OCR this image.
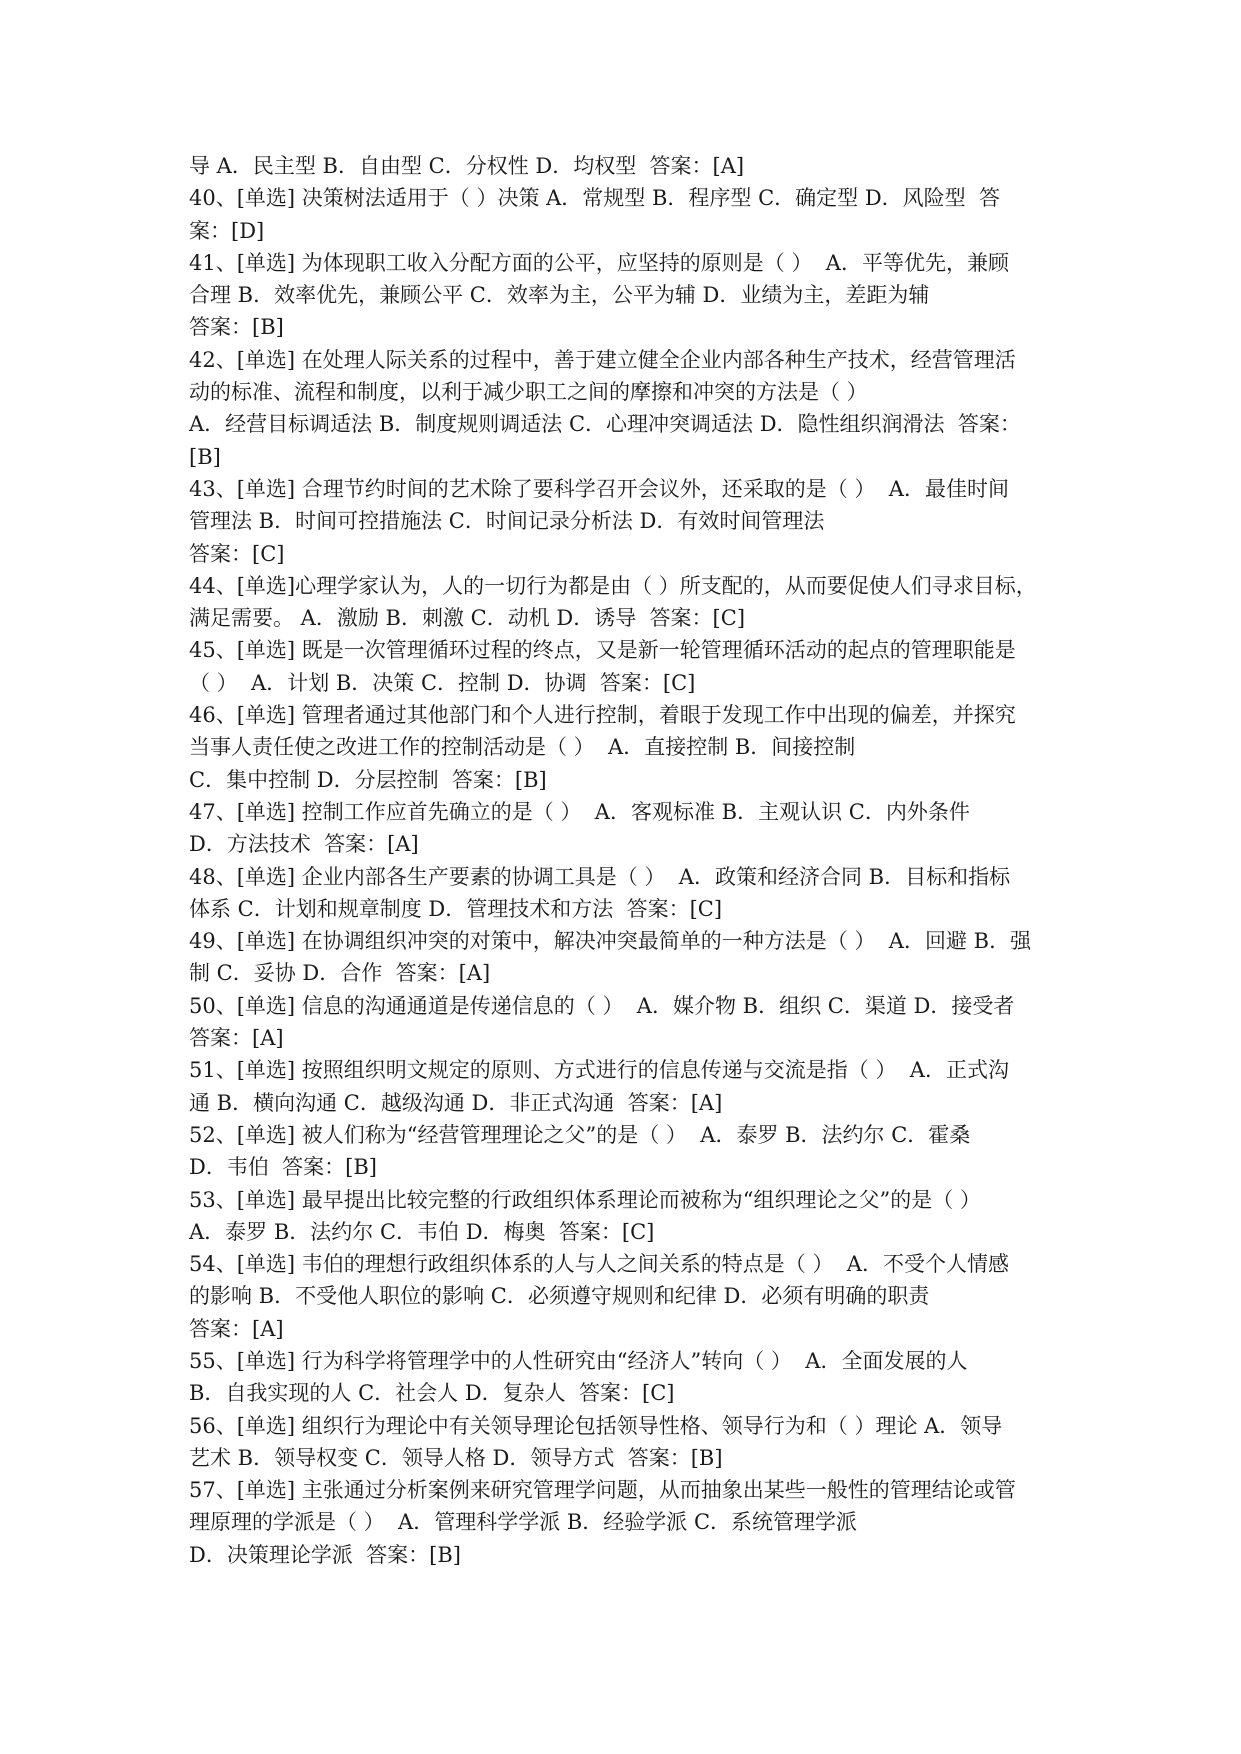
导 A．民主型 B．自由型 C．分权性 D．均权型  答案：[A]
40、[单选] 决策树法适用于（ ）决策 A．常规型 B．程序型 C．确定型 D．风险型  答
案：[D]
41、[单选] 为体现职工收入分配方面的公平，应坚持的原则是（ ）  A．平等优先，兼顾
合理 B．效率优先，兼顾公平 C．效率为主，公平为辅 D．业绩为主，差距为辅
答案：[B]
42、[单选] 在处理人际关系的过程中，善于建立健全企业内部各种生产技术，经营管理活
动的标准、流程和制度，以利于减少职工之间的摩擦和冲突的方法是（ ）
A．经营目标调适法 B．制度规则调适法 C．心理冲突调适法 D．隐性组织润滑法  答案：
[B]
43、[单选] 合理节约时间的艺术除了要科学召开会议外，还采取的是（ ）  A．最佳时间
管理法 B．时间可控措施法 C．时间记录分析法 D．有效时间管理法
答案：[C]
44、[单选]心理学家认为，人的一切行为都是由（ ）所支配的，从而要促使人们寻求目标，
满足需要。 A．激励 B．刺激 C．动机 D．诱导  答案：[C]
45、[单选] 既是一次管理循环过程的终点，又是新一轮管理循环活动的起点的管理职能是
（ ）  A．计划 B．决策 C．控制 D．协调  答案：[C]
46、[单选] 管理者通过其他部门和个人进行控制，着眼于发现工作中出现的偏差，并探究
当事人责任使之改进工作的控制活动是（ ）  A．直接控制 B．间接控制
C．集中控制 D．分层控制  答案：[B]
47、[单选] 控制工作应首先确立的是（ ）  A．客观标准 B．主观认识 C．内外条件
D．方法技术  答案：[A]
48、[单选] 企业内部各生产要素的协调工具是（ ）  A．政策和经济合同 B．目标和指标
体系 C．计划和规章制度 D．管理技术和方法  答案：[C]
49、[单选] 在协调组织冲突的对策中，解决冲突最简单的一种方法是（ ）  A．回避 B．强
制 C．妥协 D．合作  答案：[A]
50、[单选] 信息的沟通通道是传递信息的（ ）  A．媒介物 B．组织 C．渠道 D．接受者
答案：[A]
51、[单选] 按照组织明文规定的原则、方式进行的信息传递与交流是指（ ）  A．正式沟
通 B．横向沟通 C．越级沟通 D．非正式沟通  答案：[A]
52、[单选] 被人们称为“经营管理理论之父”的是（ ）  A．泰罗 B．法约尔 C．霍桑
D．韦伯  答案：[B]
53、[单选] 最早提出比较完整的行政组织体系理论而被称为“组织理论之父”的是（ ）
A．泰罗 B．法约尔 C．韦伯 D．梅奥  答案：[C]
54、[单选] 韦伯的理想行政组织体系的人与人之间关系的特点是（ ）  A．不受个人情感
的影响 B．不受他人职位的影响 C．必须遵守规则和纪律 D．必须有明确的职责
答案：[A]
55、[单选] 行为科学将管理学中的人性研究由“经济人”转向（ ）  A．全面发展的人
B．自我实现的人 C．社会人 D．复杂人  答案：[C]
56、[单选] 组织行为理论中有关领导理论包括领导性格、领导行为和（ ）理论 A．领导
艺术 B．领导权变 C．领导人格 D．领导方式  答案：[B]
57、[单选] 主张通过分析案例来研究管理学问题，从而抽象出某些一般性的管理结论或管
理原理的学派是（ ）  A．管理科学学派 B．经验学派 C．系统管理学派
D．决策理论学派  答案：[B]
